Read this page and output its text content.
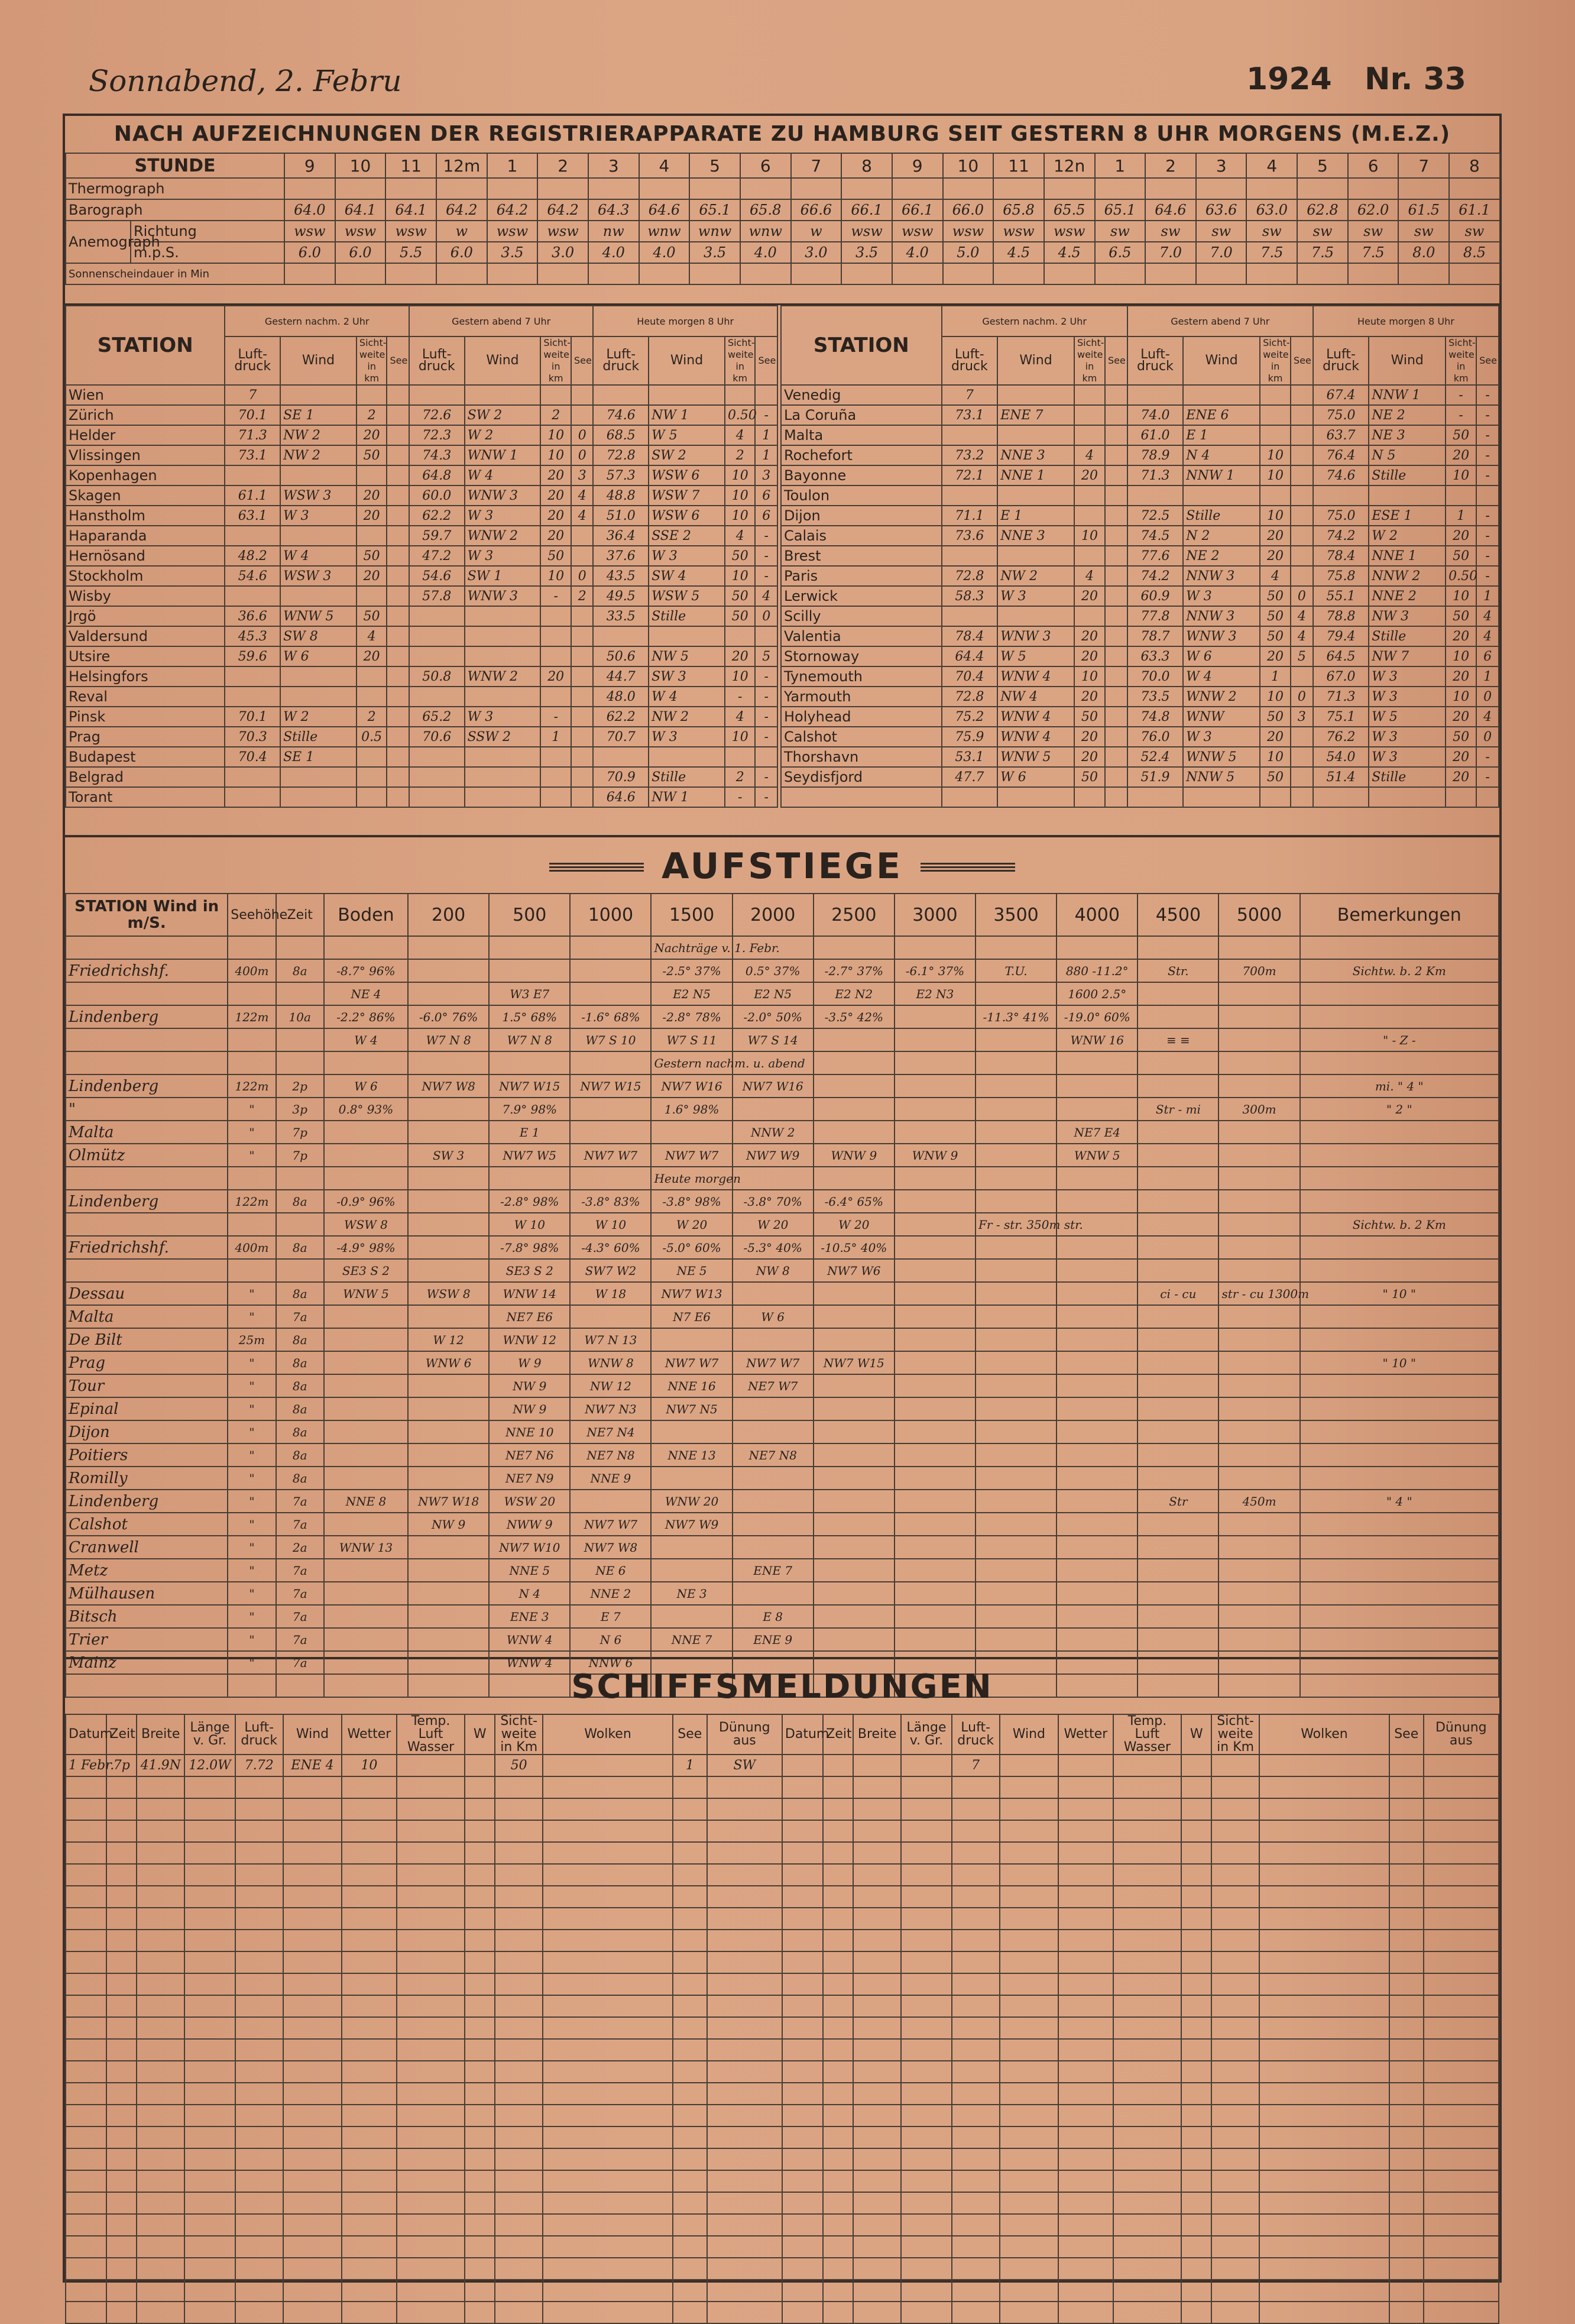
Sonnabend, 2. Febru	1924 Nr. 33
NACH AUFZEICHNUNGEN DER REGISTRIERAPPARATE ZU HAMBURG SEIT GESTERN 8 UHR MORGENS (M.E.Z.)
STUNDE		9	10	11	12m	1	2	3	4	5	6	7	8	9	10	11	12n	1	2	3	4	5	6	7	8
Thermograph																									
Barograph		64.0	64.1	64.1	64.2	64.2	64.2	64.3	64.6	65.1	65.8	66.6	66.1	66.1	66.0	65.8	65.5	65.1	64.6	63.6	63.0	62.8	62.0	61.5	61.1
Anemograph	Richtung	wsw	wsw	wsw	w	wsw	wsw	nw	wnw	wnw	wnw	w	wsw	wsw	wsw	wsw	wsw	sw	sw	sw	sw	sw	sw	sw	sw
	m.p.S.	6.0	6.0	5.5	6.0	3.5	3.0	4.0	4.0	3.5	4.0	3.0	3.5	4.0	5.0	4.5	4.5	6.5	7.0	7.0	7.5	7.5	7.5	8.0	8.5
Sonnenscheindauer in Min																									
STATION	Gestern nachm. 2 Uhr				Gestern abend 7 Uhr				Heute morgen 8 Uhr			
	Luft-druck	Wind	Sicht-weite in km	See	Luft-druck	Wind	Sicht-weite in km	See	Luft-druck	Wind	Sicht-weite in km	See
Wien	7											
Zürich	70.1	SE 1	2		72.6	SW 2	2		74.6	NW 1	0.50	-
Helder	71.3	NW 2	20		72.3	W 2	10	0	68.5	W 5	4	1
Vlissingen	73.1	NW 2	50		74.3	WNW 1	10	0	72.8	SW 2	2	1
Kopenhagen					64.8	W 4	20	3	57.3	WSW 6	10	3
Skagen	61.1	WSW 3	20		60.0	WNW 3	20	4	48.8	WSW 7	10	6
Hanstholm	63.1	W 3	20		62.2	W 3	20	4	51.0	WSW 6	10	6
Haparanda					59.7	WNW 2	20		36.4	SSE 2	4	-
Hernösand	48.2	W 4	50		47.2	W 3	50		37.6	W 3	50	-
Stockholm	54.6	WSW 3	20		54.6	SW 1	10	0	43.5	SW 4	10	-
Wisby					57.8	WNW 3	-	2	49.5	WSW 5	50	4
Jrgö	36.6	WNW 5	50						33.5	Stille	50	0
Valdersund	45.3	SW 8	4									
Utsire	59.6	W 6	20						50.6	NW 5	20	5
Helsingfors					50.8	WNW 2	20		44.7	SW 3	10	-
Reval									48.0	W 4	-	-
Pinsk	70.1	W 2	2		65.2	W 3	-		62.2	NW 2	4	-
Prag	70.3	Stille	0.5		70.6	SSW 2	1		70.7	W 3	10	-
Budapest	70.4	SE 1										
Belgrad									70.9	Stille	2	-
Torant									64.6	NW 1	-	-
STATION	Gestern nachm. 2 Uhr				Gestern abend 7 Uhr				Heute morgen 8 Uhr			
	Luft-druck	Wind	Sicht-weite in km	See	Luft-druck	Wind	Sicht-weite in km	See	Luft-druck	Wind	Sicht-weite in km	See
Venedig	7								67.4	NNW 1	-	-
La Coruña	73.1	ENE 7			74.0	ENE 6			75.0	NE 2	-	-
Malta					61.0	E 1			63.7	NE 3	50	-
Rochefort	73.2	NNE 3	4		78.9	N 4	10		76.4	N 5	20	-
Bayonne	72.1	NNE 1	20		71.3	NNW 1	10		74.6	Stille	10	-
Toulon												
Dijon	71.1	E 1			72.5	Stille	10		75.0	ESE 1	1	-
Calais	73.6	NNE 3	10		74.5	N 2	20		74.2	W 2	20	-
Brest					77.6	NE 2	20		78.4	NNE 1	50	-
Paris	72.8	NW 2	4		74.2	NNW 3	4		75.8	NNW 2	0.50	-
Lerwick	58.3	W 3	20		60.9	W 3	50	0	55.1	NNE 2	10	1
Scilly					77.8	NNW 3	50	4	78.8	NW 3	50	4
Valentia	78.4	WNW 3	20		78.7	WNW 3	50	4	79.4	Stille	20	4
Stornoway	64.4	W 5	20		63.3	W 6	20	5	64.5	NW 7	10	6
Tynemouth	70.4	WNW 4	10		70.0	W 4	1		67.0	W 3	20	1
Yarmouth	72.8	NW 4	20		73.5	WNW 2	10	0	71.3	W 3	10	0
Holyhead	75.2	WNW 4	50		74.8	WNW	50	3	75.1	W 5	20	4
Calshot	75.9	WNW 4	20		76.0	W 3	20		76.2	W 3	50	0
Thorshavn	53.1	WNW 5	20		52.4	WNW 5	10		54.0	W 3	20	-
Seydisfjord	47.7	W 6	50		51.9	NNW 5	50		51.4	Stille	20	-

AUFSTIEGE
STATION Wind in m/S.	Seehöhe	Zeit	Boden	200	500	1000	1500	2000	2500	3000	3500	4000	4500	5000	Bemerkungen
							Nachträge v. 1. Febr.								
Friedrichshf.	400m	8a	-8.7° 96%				-2.5° 37%	0.5° 37%	-2.7° 37%	-6.1° 37%	T.U.	880 -11.2°	Str.	700m	Sichtw. b. 2 Km
			NE 4		W3 E7		E2 N5	E2 N5	E2 N2	E2 N3		1600 2.5°			
Lindenberg	122m	10a	-2.2° 86%	-6.0° 76%	1.5° 68%	-1.6° 68%	-2.8° 78%	-2.0° 50%	-3.5° 42%		-11.3° 41%	-19.0° 60%			
			W 4	W7 N 8	W7 N 8	W7 S 10	W7 S 11	W7 S 14				WNW 16	≡ ≡		" - Z -
							Gestern nachm. u. abend								
Lindenberg	122m	2p	W 6	NW7 W8	NW7 W15	NW7 W15	NW7 W16	NW7 W16							mi. " 4 "
"	"	3p	0.8° 93%		7.9° 98%		1.6° 98%						Str - mi	300m	" 2 "
Malta	"	7p			E 1			NNW 2				NE7 E4			
Olmütz	"	7p		SW 3	NW7 W5	NW7 W7	NW7 W7	NW7 W9	WNW 9	WNW 9		WNW 5			
							Heute morgen								
Lindenberg	122m	8a	-0.9° 96%		-2.8° 98%	-3.8° 83%	-3.8° 98%	-3.8° 70%	-6.4° 65%						
			WSW 8		W 10	W 10	W 20	W 20	W 20		Fr - str. 350m str.				Sichtw. b. 2 Km
Friedrichshf.	400m	8a	-4.9° 98%		-7.8° 98%	-4.3° 60%	-5.0° 60%	-5.3° 40%	-10.5° 40%						
			SE3 S 2		SE3 S 2	SW7 W2	NE 5	NW 8	NW7 W6						
Dessau	"	8a	WNW 5	WSW 8	WNW 14	W 18	NW7 W13						ci - cu	str - cu 1300m	" 10 "
Malta	"	7a			NE7 E6		N7 E6	W 6							
De Bilt	25m	8a		W 12	WNW 12	W7 N 13									
Prag	"	8a		WNW 6	W 9	WNW 8	NW7 W7	NW7 W7	NW7 W15						" 10 "
Tour	"	8a			NW 9	NW 12	NNE 16	NE7 W7							
Epinal	"	8a			NW 9	NW7 N3	NW7 N5								
Dijon	"	8a			NNE 10	NE7 N4									
Poitiers	"	8a			NE7 N6	NE7 N8	NNE 13	NE7 N8							
Romilly	"	8a			NE7 N9	NNE 9									
Lindenberg	"	7a	NNE 8	NW7 W18	WSW 20		WNW 20						Str	450m	" 4 "
Calshot	"	7a		NW 9	NWW 9	NW7 W7	NW7 W9								
Cranwell	"	2a	WNW 13		NW7 W10	NW7 W8									
Metz	"	7a			NNE 5	NE 6		ENE 7							
Mülhausen	"	7a			N 4	NNE 2	NE 3								
Bitsch	"	7a			ENE 3	E 7		E 8							
Trier	"	7a			WNW 4	N 6	NNE 7	ENE 9							
Mainz	"	7a			WNW 4	NNW 6									

SCHIFFSMELDUNGEN
Datum	Zeit	Breite	Länge v. Gr.	Luft-druck	Wind	Wetter	Temp. Luft Wasser	W	Sicht-weite in Km	Wolken	See	Dünung aus	Datum	Zeit	Breite	Länge v. Gr.	Luft-druck	Wind	Wetter	Temp. Luft Wasser	W	Sicht-weite in Km	Wolken	See	Dünung aus
1 Febr.	7p	41.9N	12.0W	7.72	ENE 4	10			50		1	SW					7								
